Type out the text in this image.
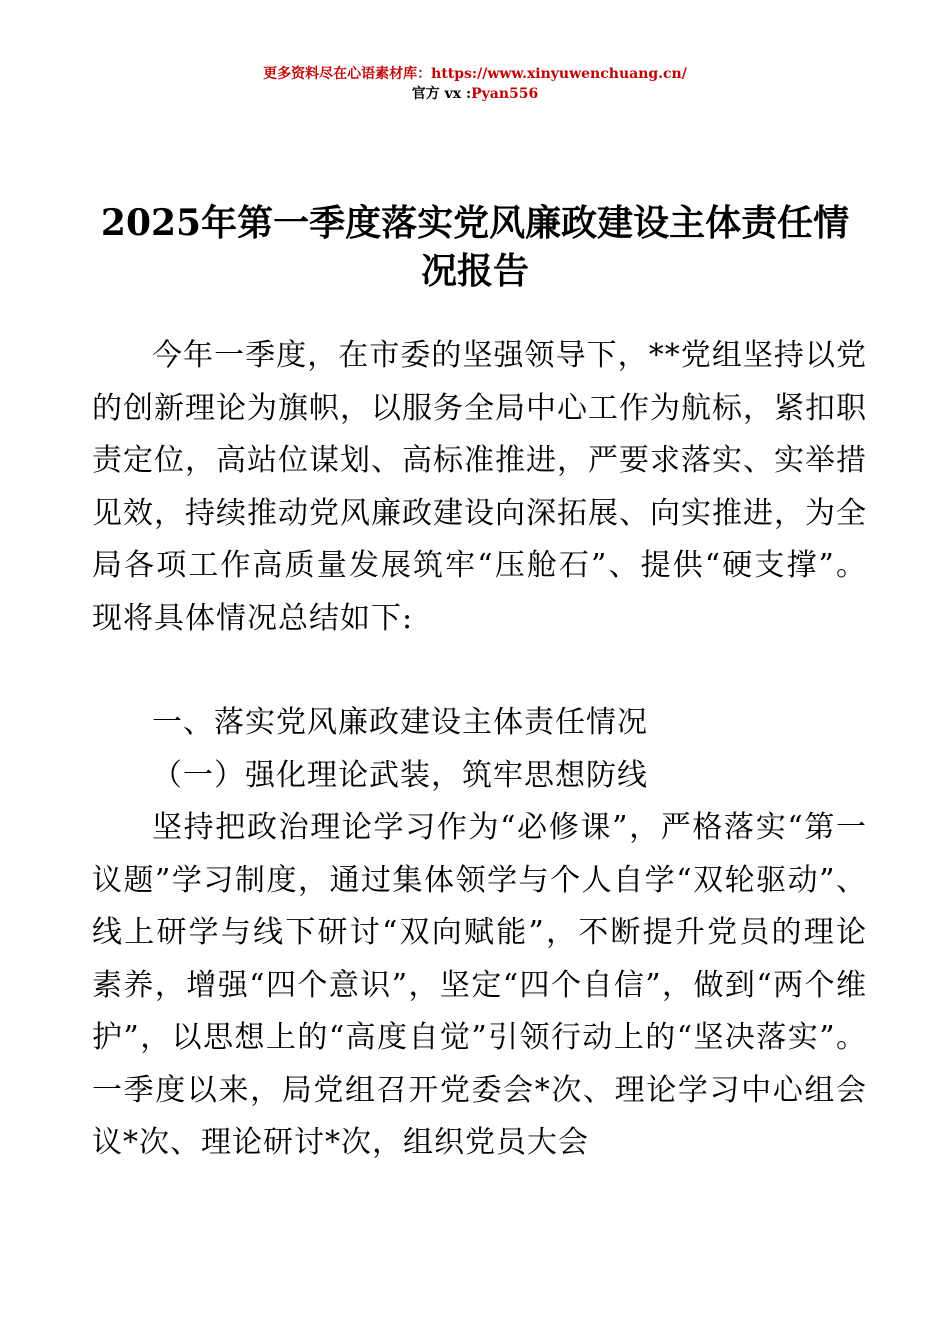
更多资料尽在心语素材库：https://www.xinyuwenchuang.cn/
官方 vx :Pyan556
2025年第一季度落实党风廉政建设主体责任情况报告

今年一季度，在市委的坚强领导下，**党组坚持以党的创新理论为旗帜，以服务全局中心工作为航标，紧扣职责定位，高站位谋划、高标准推进，严要求落实、实举措见效，持续推动党风廉政建设向深拓展、向实推进，为全局各项工作高质量发展筑牢“压舱石”、提供“硬支撑”。现将具体情况总结如下:

一、落实党风廉政建设主体责任情况

（一）强化理论武装，筑牢思想防线

坚持把政治理论学习作为“必修课”，严格落实“第一议题”学习制度，通过集体领学与个人自学“双轮驱动”、线上研学与线下研讨“双向赋能”，不断提升党员的理论素养，增强“四个意识”，坚定“四个自信”，做到“两个维护”，以思想上的“高度自觉”引领行动上的“坚决落实”。一季度以来，局党组召开党委会*次、理论学习中心组会议*次、理论研讨*次，组织党员大会
